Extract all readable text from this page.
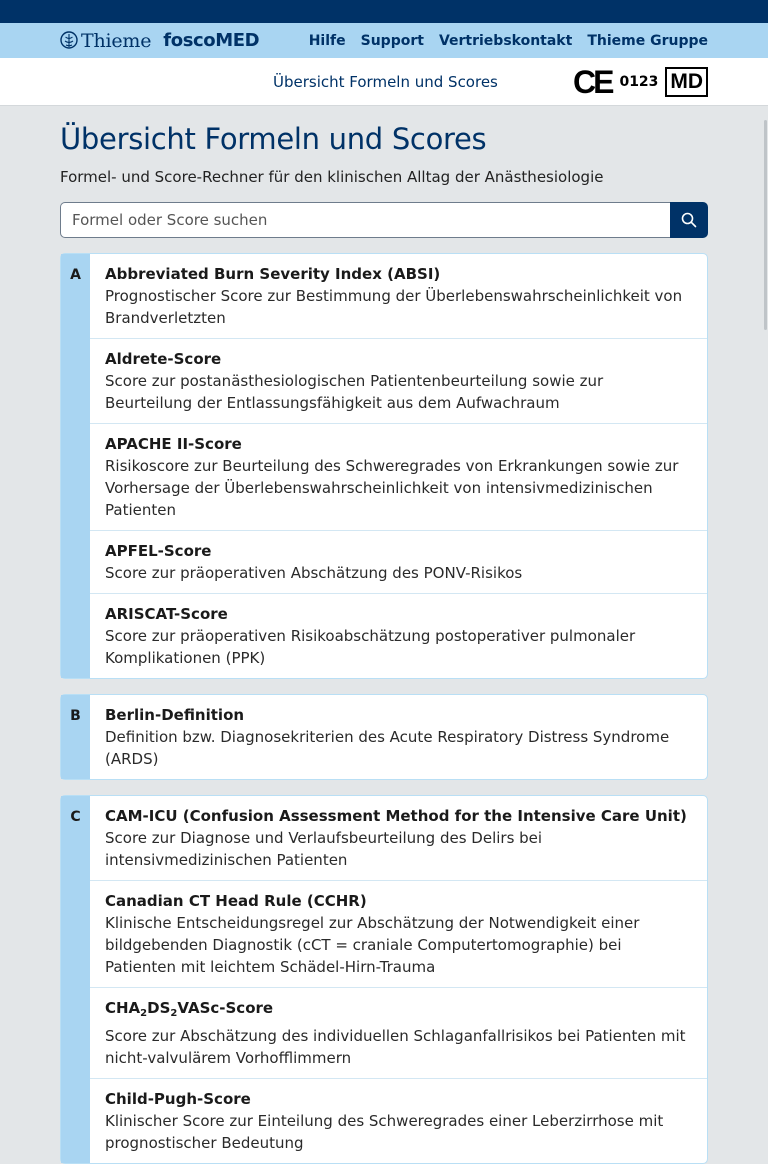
Thieme foscoMED	Hilfe Support Vertriebskontakt Thieme Gruppe
Übersicht Formeln und Scores CE 0123 MD
Übersicht Formeln und Scores

Formel- und Score-Rechner für den klinischen Alltag der Anästhesiologie

Formel oder Score suchen
A	Abbreviated Burn Severity Index (ABSI)
Prognostischer Score zur Bestimmung der Überlebenswahrscheinlichkeit von Brandverletzten
Aldrete-Score
Score zur postanästhesiologischen Patientenbeurteilung sowie zur Beurteilung der Entlassungsfähigkeit aus dem Aufwachraum
APACHE II-Score
Risikoscore zur Beurteilung des Schweregrades von Erkrankungen sowie zur Vorhersage der Überlebenswahrscheinlichkeit von intensivmedizinischen Patienten
APFEL-Score
Score zur präoperativen Abschätzung des PONV-Risikos
ARISCAT-Score
Score zur präoperativen Risikoabschätzung postoperativer pulmonaler Komplikationen (PPK)
B	Berlin-Definition
Definition bzw. Diagnosekriterien des Acute Respiratory Distress Syndrome (ARDS)
C	CAM-ICU (Confusion Assessment Method for the Intensive Care Unit)
Score zur Diagnose und Verlaufsbeurteilung des Delirs bei intensivmedizinischen Patienten
Canadian CT Head Rule (CCHR)
Klinische Entscheidungsregel zur Abschätzung der Notwendigkeit einer bildgebenden Diagnostik (cCT = craniale Computertomographie) bei Patienten mit leichtem Schädel-Hirn-Trauma
$CHA_2DS_2VASc$-Score
Score zur Abschätzung des individuellen Schlaganfallrisikos bei Patienten mit nicht-valvulärem Vorhofflimmern
Child-Pugh-Score
Klinischer Score zur Einteilung des Schweregrades einer Leberzirrhose mit prognostischer Bedeutung
